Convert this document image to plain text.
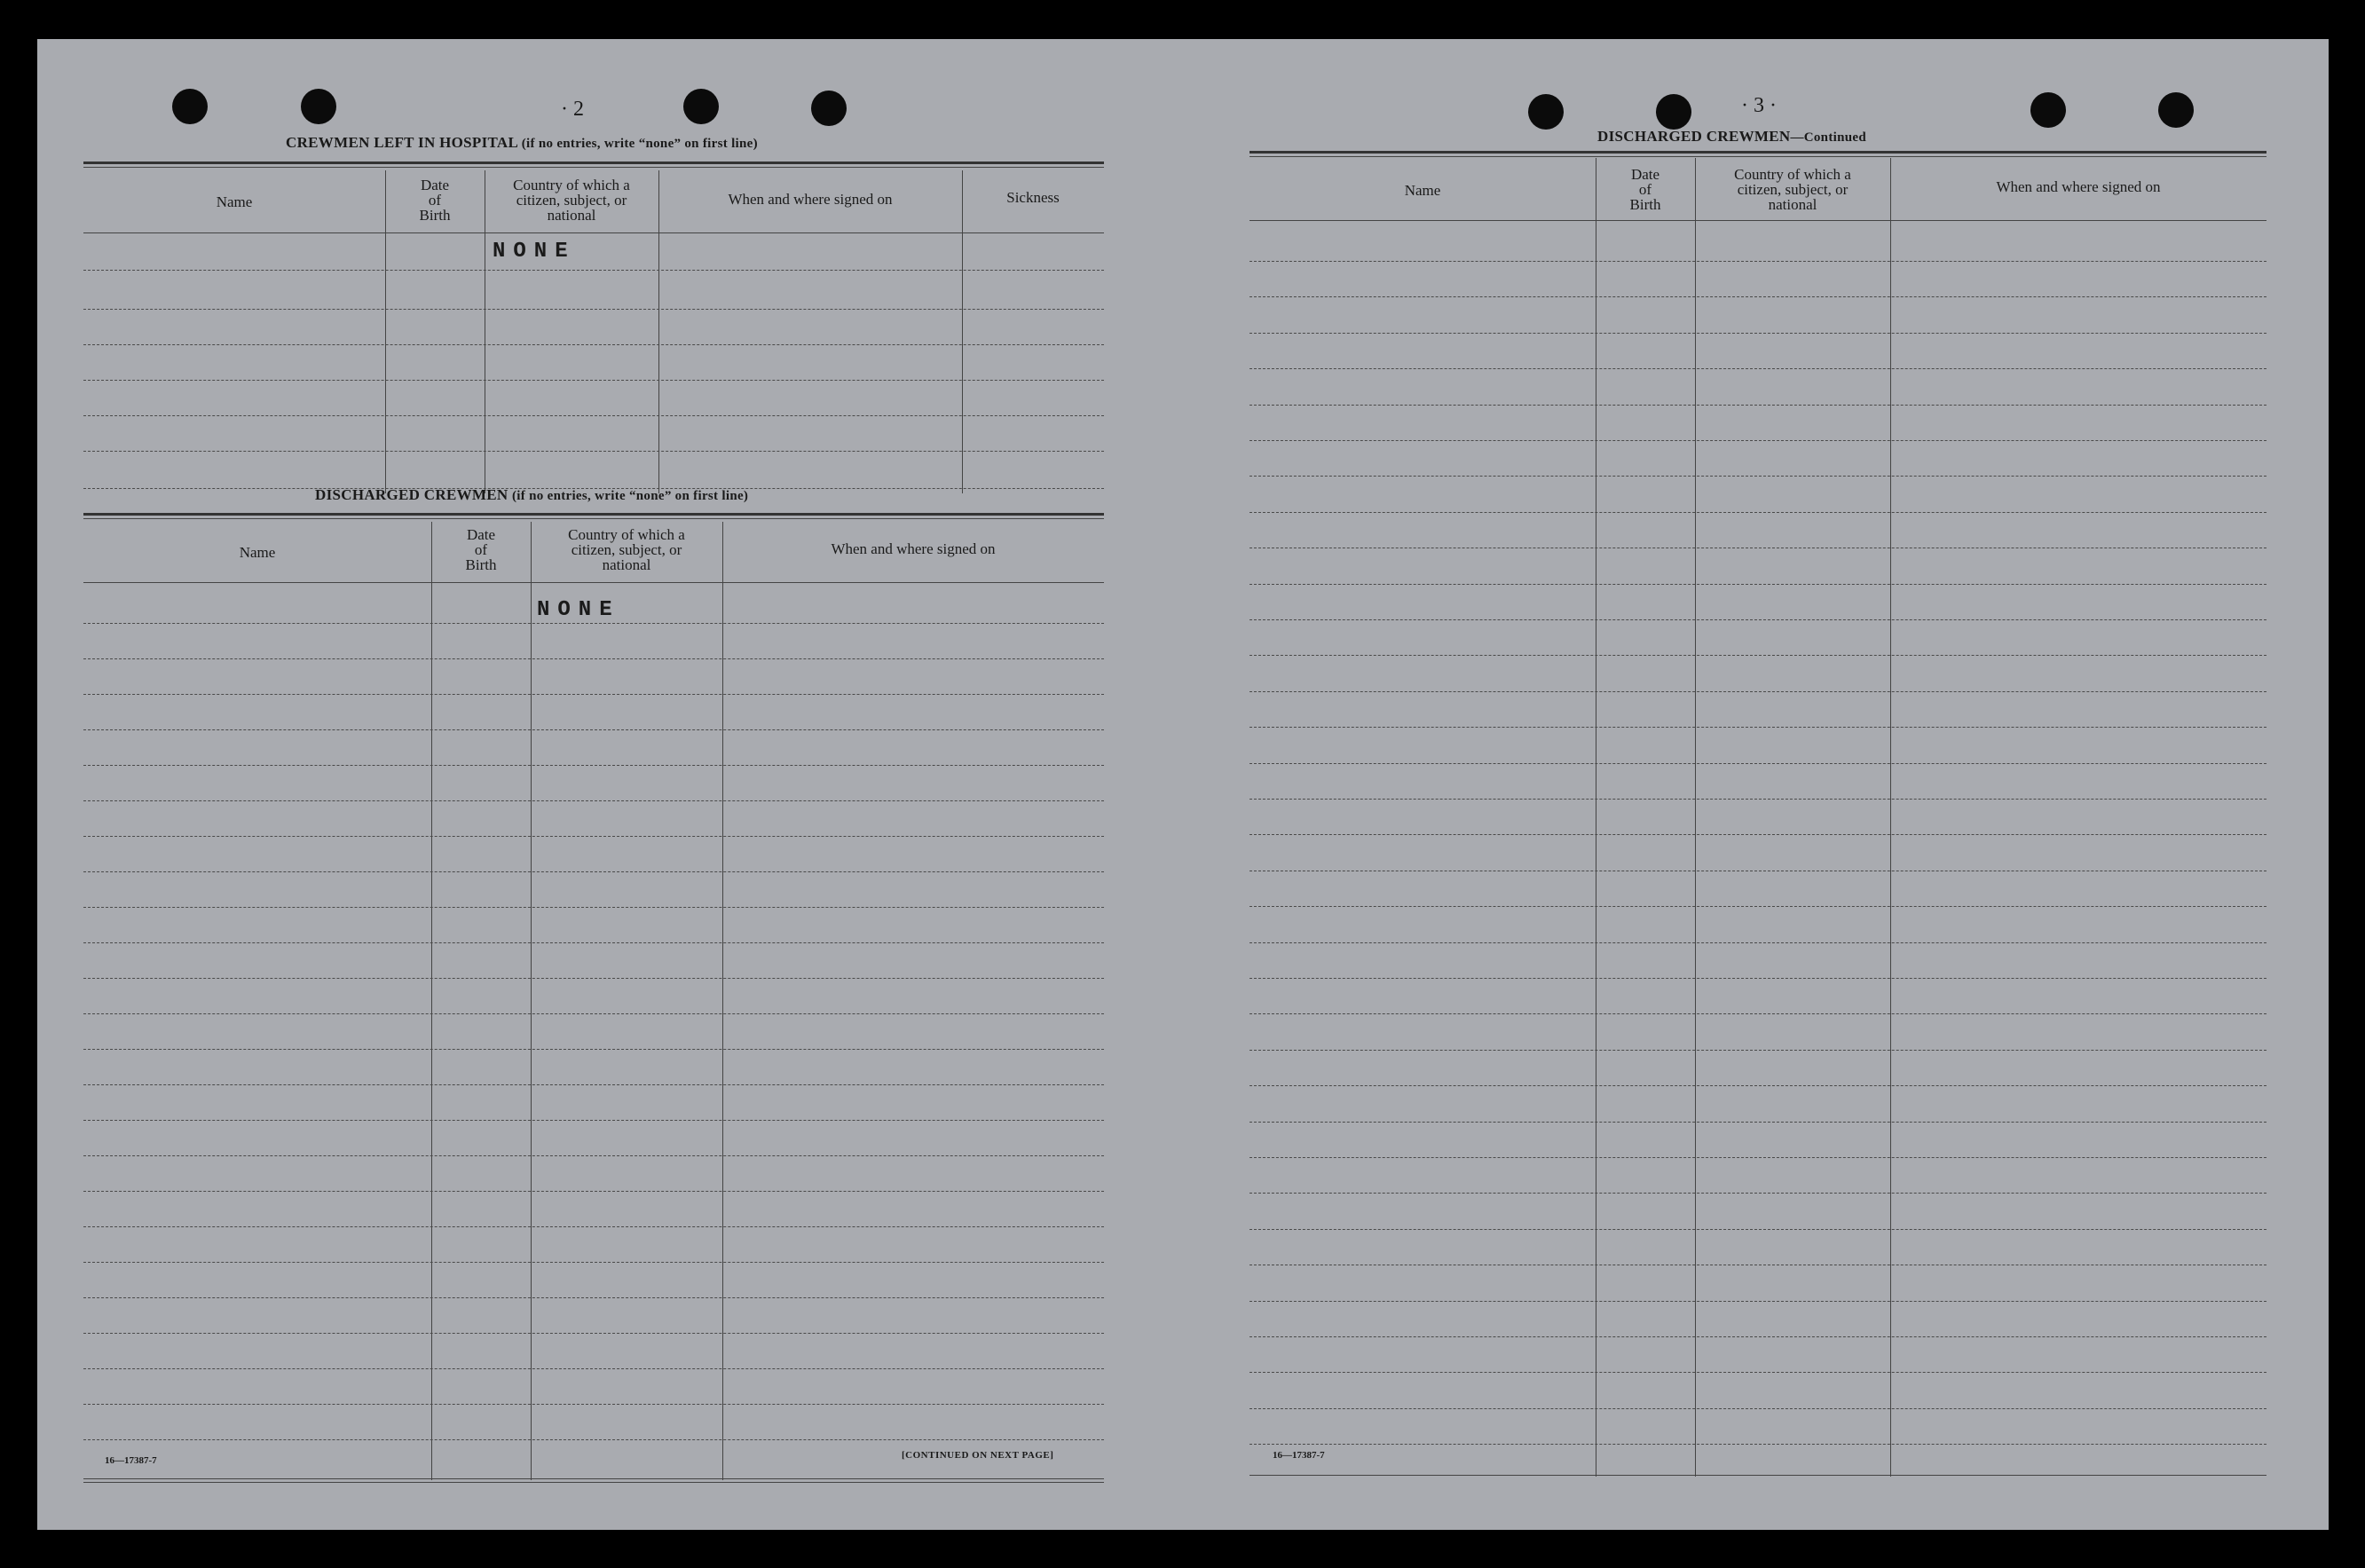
· 2
CREWMEN LEFT IN HOSPITAL (if no entries, write “none” on first line)
Name
Date
of
Birth
Country of which a
citizen, subject, or
national
When and where signed on	Sickness
NONE
DISCHARGED CREWMEN (if no entries, write “none” on first line)
Name
Date
of
Birth
Country of which a
citizen, subject, or
national
When and where signed on
NONE
16—17387-7	[CONTINUED ON NEXT PAGE]
· 3 ·
DISCHARGED CREWMEN—Continued
Name
Date
of
Birth
Country of which a
citizen, subject, or
national
When and where signed on
16—17387-7
